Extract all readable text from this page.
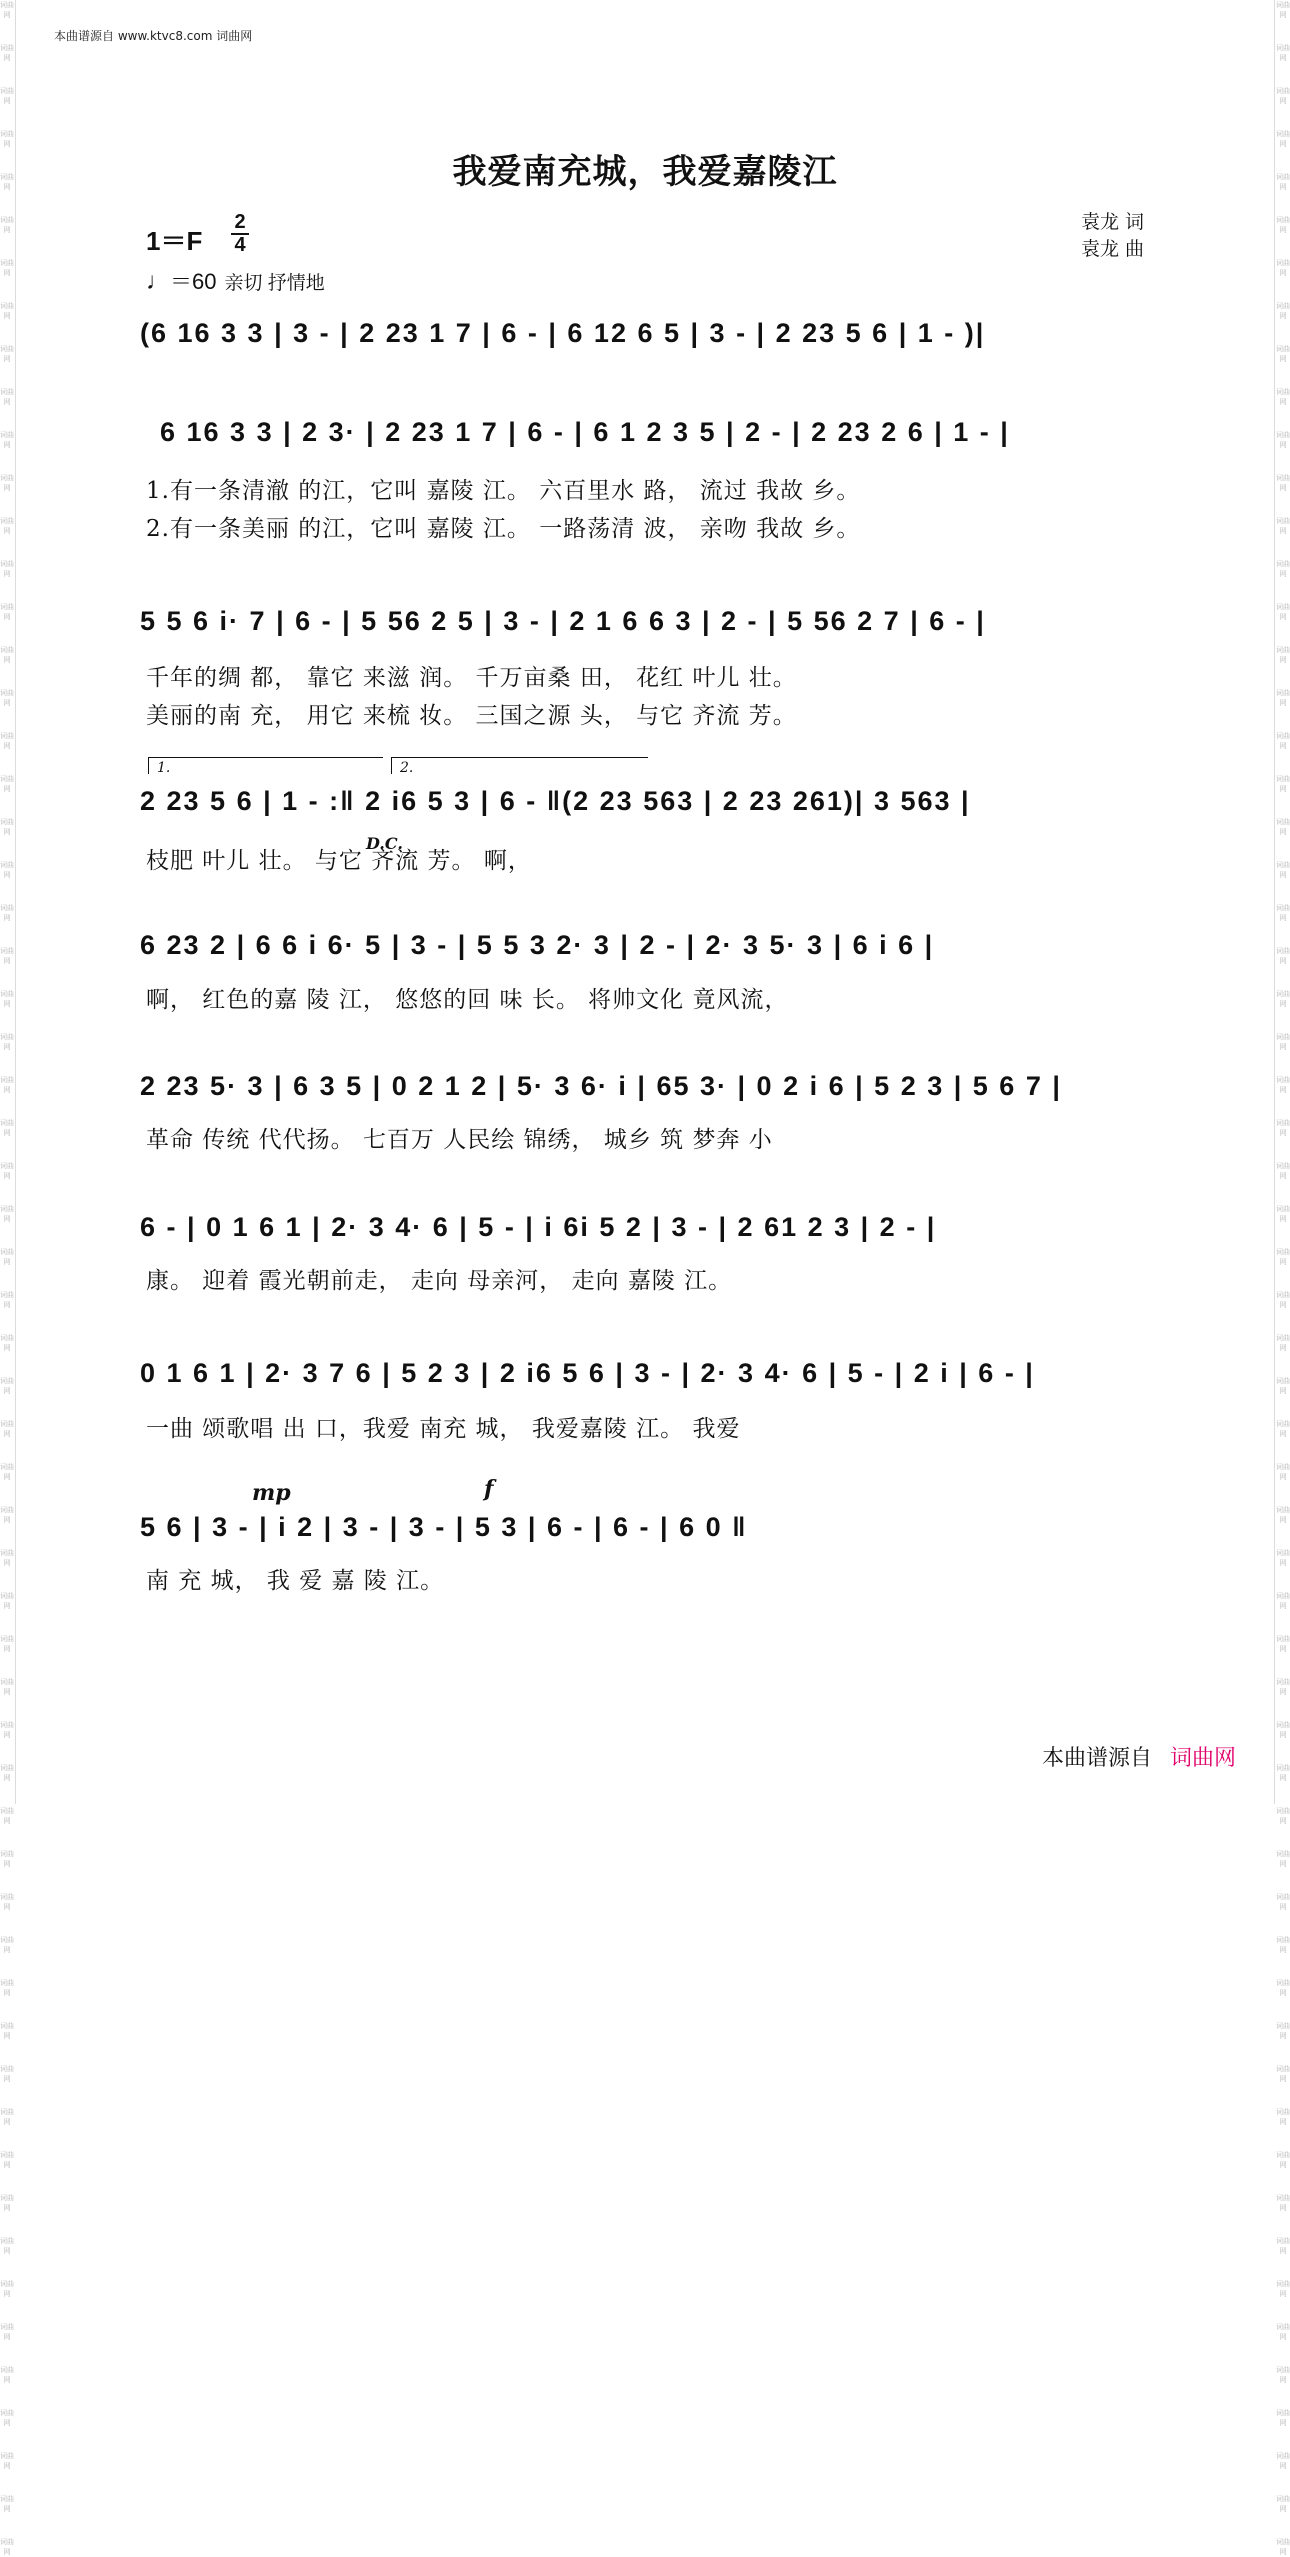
词曲网
词曲网
词曲网
词曲网
词曲网
词曲网
词曲网
词曲网
词曲网
词曲网
词曲网
词曲网
词曲网
词曲网
词曲网
词曲网
词曲网
词曲网
词曲网
词曲网
词曲网
词曲网
词曲网
词曲网
词曲网
词曲网
词曲网
词曲网
词曲网
词曲网
词曲网
词曲网
词曲网
词曲网
词曲网
词曲网
词曲网
词曲网
词曲网
词曲网
词曲网
词曲网
词曲网
词曲网
词曲网
词曲网
词曲网
词曲网
词曲网
词曲网
词曲网
词曲网
词曲网
词曲网
词曲网
词曲网
词曲网
词曲网
词曲网
词曲网
词曲网
词曲网
词曲网
词曲网
词曲网
词曲网
词曲网
词曲网
词曲网
词曲网
词曲网
词曲网
词曲网
词曲网
词曲网
词曲网
词曲网
词曲网
词曲网
词曲网
词曲网
词曲网
词曲网
词曲网
词曲网
词曲网
词曲网
词曲网
词曲网
词曲网
词曲网
词曲网
词曲网
词曲网
词曲网
词曲网
词曲网
词曲网
词曲网
词曲网
词曲网
词曲网
词曲网
词曲网
词曲网
词曲网
词曲网
词曲网
词曲网
词曲网
词曲网
词曲网
词曲网
词曲网
词曲网
词曲网
词曲网
词曲网
词曲网
词曲网
本曲谱源自 www.ktvc8.com 词曲网
我爱南充城，我爱嘉陵江
1＝F
2
4
♩＝60 亲切 抒情地
袁龙 词
袁龙 曲
(6 16 3 3 | 3 - | 2 23 1 7 | 6 - | 6 12 6 5 | 3 - | 2 23 5 6 | 1 - )|
6 16 3 3 | 2 3· | 2 23 1 7 | 6 - | 6 1 2 3 5 | 2 - | 2 23 2 6 | 1 - |
1.有一条清澈 的江，它叫 嘉陵 江。 六百里水 路， 流过 我故 乡。
2.有一条美丽 的江，它叫 嘉陵 江。 一路荡清 波， 亲吻 我故 乡。
5 5 6 i· 7 | 6 - | 5 56 2 5 | 3 - | 2 1 6 6 3 | 2 - | 5 56 2 7 | 6 - |
千年的绸 都， 靠它 来滋 润。 千万亩桑 田， 花红 叶儿 壮。
美丽的南 充， 用它 来梳 妆。 三国之源 头， 与它 齐流 芳。
1.	2.
2 23 5 6 | 1 - :‖ 2 i6 5 3 | 6 - ‖(2 23 563 | 2 23 261)| 3 563 |
D.C.
枝肥 叶儿 壮。 与它 齐流 芳。 啊，
6 23 2 | 6 6 i 6· 5 | 3 - | 5 5 3 2· 3 | 2 - | 2· 3 5· 3 | 6 i 6 |
啊， 红色的嘉 陵 江， 悠悠的回 味 长。 将帅文化 竟风流，
2 23 5· 3 | 6 3 5 | 0 2 1 2 | 5· 3 6· i | 65 3· | 0 2 i 6 | 5 2 3 | 5 6 7 |
革命 传统 代代扬。 七百万 人民绘 锦绣， 城乡 筑 梦奔 小
6 - | 0 1 6 1 | 2· 3 4· 6 | 5 - | i 6i 5 2 | 3 - | 2 61 2 3 | 2 - |
康。 迎着 霞光朝前走， 走向 母亲河， 走向 嘉陵 江。
0 1 6 1 | 2· 3 7 6 | 5 2 3 | 2 i6 5 6 | 3 - | 2· 3 4· 6 | 5 - | 2 i | 6 - |
一曲 颂歌唱 出 口，我爱 南充 城， 我爱嘉陵 江。 我爱
mp	f
5 6 | 3 - | i 2 | 3 - | 3 - | 5 3 | 6 - | 6 - | 6 0 ‖
南 充 城， 我 爱 嘉 陵 江。
本曲谱源自 词曲网
